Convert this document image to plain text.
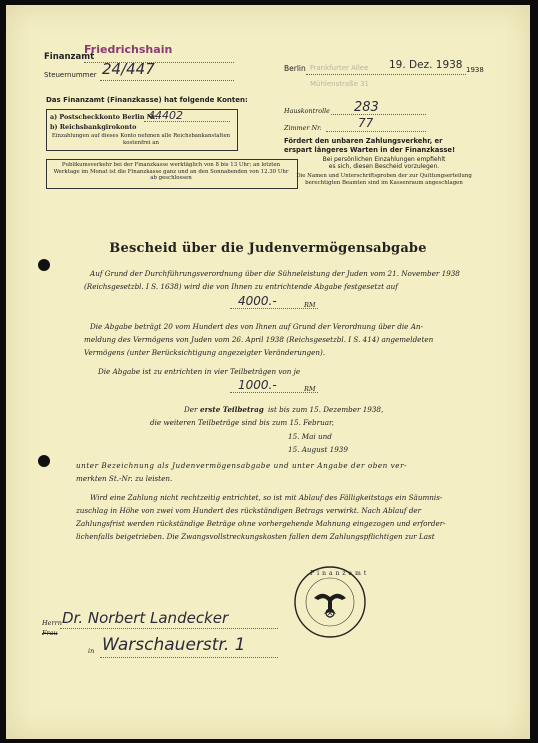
Finanzamt
Friedrichshain
Steuernummer 24/447
Das Finanzamt (Finanzkasse) hat folgende Konten:
a) Postscheckkonto Berlin Nr.
44402
b) Reichsbankgirokonto
Einzahlungen auf dieses Konto nehmen alle Reichsbankanstalten kostenfrei an
Publikumsverkehr bei der Finanzkasse werktäglich von 8 bis 13 Uhr; an letzten Werktage im Monat ist die Finanzkasse ganz und an den Sonnabenden von 12.30 Uhr ab geschlossen
Berlin Frankfurter Allee
Mühlenstraße 31
19. Dez. 1938 1938
Hauskontrolle 283
Zimmer Nr.	77
Fördert den unbaren Zahlungsverkehr, er
erspart längeres Warten in der Finanzkasse!
Bei persönlichen Einzahlungen empfiehlt
es sich, diesen Bescheid vorzulegen.
Die Namen und Unterschriftsproben der zur Quittungserteilung berechtigten Beamten sind im Kassenraum angeschlagen
Bescheid über die Judenvermögensabgabe
Auf Grund der Durchführungsverordnung über die Sühneleistung der Juden vom 21. November 1938
(Reichsgesetzbl. I S. 1638) wird die von Ihnen zu entrichtende Abgabe festgesetzt auf
4000.-	RM
Die Abgabe beträgt 20 vom Hundert des von Ihnen auf Grund der Verordnung über die An-
meldung des Vermögens von Juden vom 26. April 1938 (Reichsgesetzbl. I S. 414) angemeldeten
Vermögens (unter Berücksichtigung angezeigter Veränderungen).
Die Abgabe ist zu entrichten in vier Teilbeträgen von je
1000.-	RM
Der erste Teilbetrag ist bis zum 15. Dezember 1938,
die weiteren Teilbeträge sind bis zum 15. Februar,
15. Mai und
15. August 1939
unter Bezeichnung als Judenvermögensabgabe und unter Angabe der oben ver-
merkten St.-Nr. zu leisten.
Wird eine Zahlung nicht rechtzeitig entrichtet, so ist mit Ablauf des Fälligkeitstags ein Säumnis-
zuschlag in Höhe von zwei vom Hundert des rückständigen Betrags verwirkt. Nach Ablauf der
Zahlungsfrist werden rückständige Beträge ohne vorhergehende Mahnung eingezogen und erforder-
lichenfalls beigetrieben. Die Zwangsvollstreckungskosten fallen dem Zahlungspflichtigen zur Last
Finanzamt
Herrn
Frau
Dr. Norbert Landecker
in Warschauerstr. 1
